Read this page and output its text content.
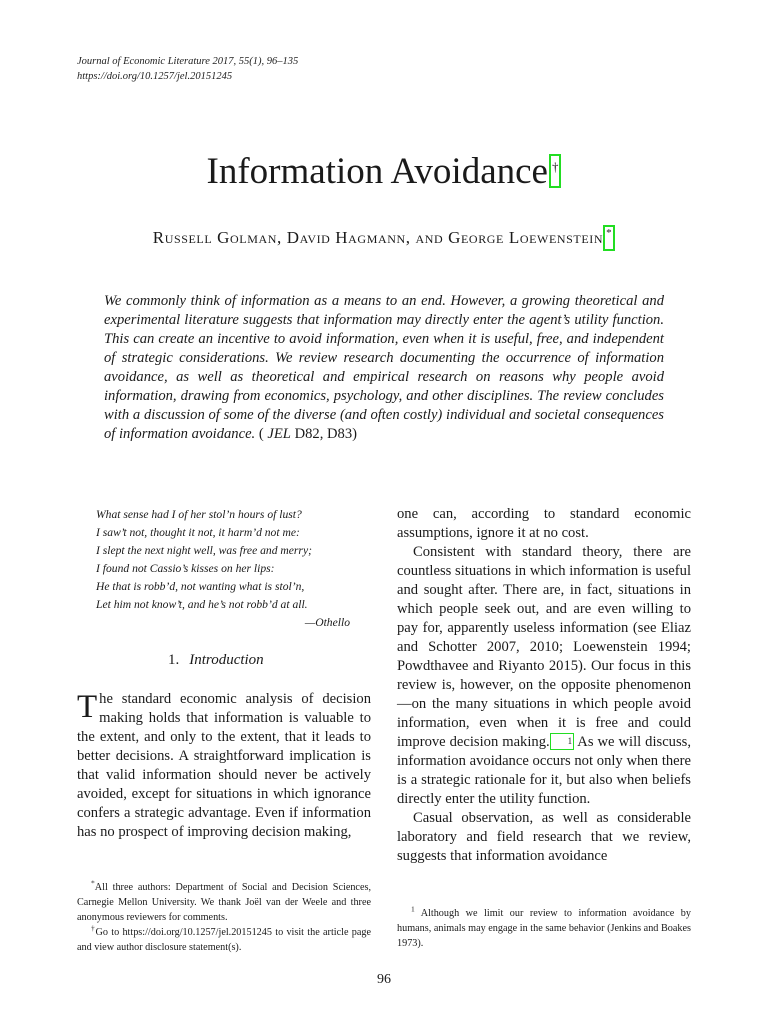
Journal of Economic Literature 2017, 55(1), 96–135
https://doi.org/10.1257/jel.20151245
Information Avoidance †
Russell Golman, David Hagmann, and George Loewenstein *
We commonly think of information as a means to an end. However, a growing theoretical and experimental literature suggests that information may directly enter the agent’s utility function. This can create an incentive to avoid information, even when it is useful, free, and independent of strategic considerations. We review research documenting the occurrence of information avoidance, as well as theoretical and empirical research on reasons why people avoid information, drawing from economics, psychology, and other disciplines. The review concludes with a discussion of some of the diverse (and often costly) individual and societal consequences of information avoidance. ( JEL D82, D83)
What sense had I of her stol’n hours of lust?
I saw’t not, thought it not, it harm’d not me:
I slept the next night well, was free and merry;
I found not Cassio’s kisses on her lips:
He that is robb’d, not wanting what is stol’n,
Let him not know’t, and he’s not robb’d at all.
—Othello
1. Introduction
The standard economic analysis of decision making holds that information is valuable to the extent, and only to the extent, that it leads to better decisions. A straightforward implication is that valid information should never be actively avoided, except for situations in which ignorance confers a strategic advantage. Even if information has no prospect of improving decision making,

one can, according to standard economic assumptions, ignore it at no cost.

Consistent with standard theory, there are countless situations in which information is useful and sought after. There are, in fact, situations in which people seek out, and are even willing to pay for, apparently useless information (see Eliaz and Schotter 2007, 2010; Loewenstein 1994; Powdthavee and Riyanto 2015). Our focus in this review is, however, on the opposite phenomenon—on the many situations in which people avoid information, even when it is free and could improve decision making. 1 As we will discuss, information avoidance occurs not only when there is a strategic rationale for it, but also when beliefs directly enter the utility function.

Casual observation, as well as considerable laboratory and field research that we review, suggests that information avoidance

*All three authors: Department of Social and Decision Sciences, Carnegie Mellon University. We thank Joël van der Weele and three anonymous reviewers for comments.

†Go to https://doi.org/10.1257/jel.20151245 to visit the article page and view author disclosure statement(s).

$^1$ Although we limit our review to information avoidance by humans, animals may engage in the same behavior (Jenkins and Boakes 1973).

96
